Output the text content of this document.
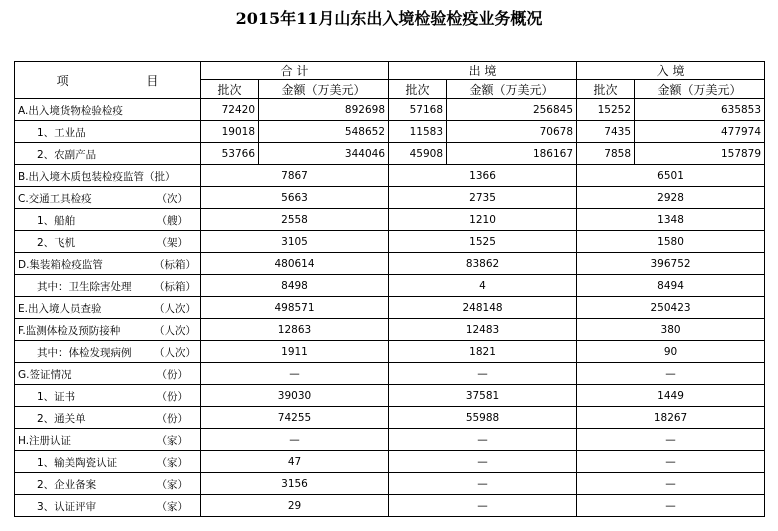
2015年11月山东出入境检验检疫业务概况
项 目	合 计		出 境		入 境	
	批次	金额（万美元）	批次	金额（万美元）	批次	金额（万美元）

A.出入境货物检验检疫	72420	892698	57168	256845	15252	635853

1、工业品	19018	548652	11583	70678	7435	477974

2、农副产品	53766	344046	45908	186167	7858	157879

B.出入境木质包装检疫监管（批）	7867		1366		6501	

C.交通工具检疫 （次）	5663		2735		2928	

1、船舶 （艘）	2558		1210		1348	

2、飞机 （架）	3105		1525		1580	

D.集装箱检疫监管 （标箱）	480614		83862		396752	

其中：卫生除害处理 （标箱）	8498		4		8494	

E.出入境人员查验 （人次）	498571		248148		250423	

F.监测体检及预防接种 （人次）	12863		12483		380	

其中：体检发现病例 （人次）	1911		1821		90	

G.签证情况 （份）	—		—		—	

1、证书 （份）	39030		37581		1449	

2、通关单 （份）	74255		55988		18267	

H.注册认证 （家）	—		—		—	

1、输美陶瓷认证 （家）	47		—		—	

2、企业备案 （家）	3156		—		—	

3、认证评审 （家）	29		—		—	
